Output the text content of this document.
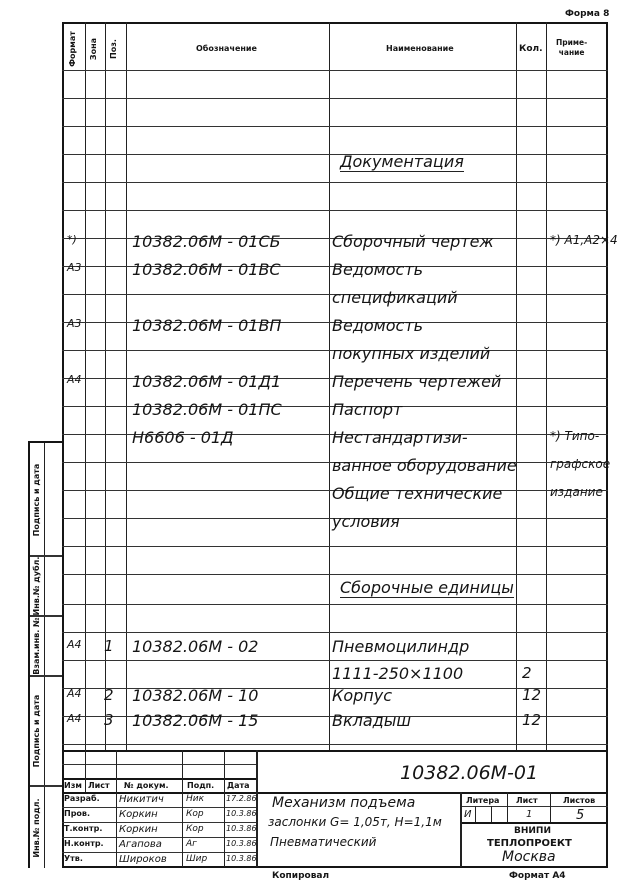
Форма 8
Подпись и дата
Инв.№ дубл.
Взам.инв. №
Подпись и дата
Инв.№ подл.
Формат Зона Поз.	Обозначение	Наименование	Кол.
Приме-
чание
Документация
*)	10382.06М - 01СБ	Сборочный чертеж	*) А1,А2×4
А3	10382.06М - 01ВС	Ведомость
спецификаций
А3	10382.06М - 01ВП	Ведомость
покупных изделий
А4	10382.06М - 01Д1	Перечень чертежей
10382.06М - 01ПС	Паспорт
Н6606 - 01Д	Нестандартизи-	*) Типо-
ванное оборудование	графское
Общие технические	издание
условия
Сборочные единицы
А4 1 10382.06М - 02	Пневмоцилиндр
1111-250×1100	2
А4 2 10382.06М - 10	Корпус	12
А4 3 10382.06М - 15	Вкладыш	12
10382.06М-01
Изм Лист № докум. Подп. Дата
Разраб. Никитич Ник	17.2.86
Пров.	Коркин	Кор	10.3.86
Т.контр. Коркин	Кор	10.3.86
Н.контр. Агапова	Аг	10.3.86
Утв.	Широков Шир 10.3.86
Механизм подъема
заслонки G= 1,05т, Н=1,1м
Пневматический
Литера Лист	Листов
И	1	5
ВНИПИ
ТЕПЛОПРОЕКТ
Москва
Копировал	Формат А4
